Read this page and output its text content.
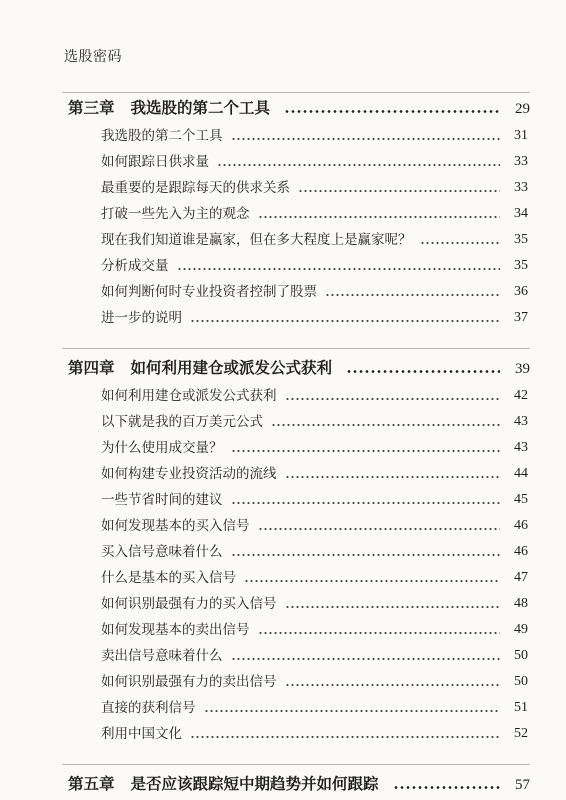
选股密码
第三章 我选股的第二个工具	29
我选股的第二个工具	31
如何跟踪日供求量	33
最重要的是跟踪每天的供求关系	33
打破一些先入为主的观念	34
现在我们知道谁是赢家，但在多大程度上是赢家呢？	35
分析成交量	35
如何判断何时专业投资者控制了股票	36
进一步的说明	37
第四章 如何利用建仓或派发公式获利	39
如何利用建仓或派发公式获利	42
以下就是我的百万美元公式	43
为什么使用成交量？	43
如何构建专业投资活动的流线	44
一些节省时间的建议	45
如何发现基本的买入信号	46
买入信号意味着什么	46
什么是基本的买入信号	47
如何识别最强有力的买入信号	48
如何发现基本的卖出信号	49
卖出信号意味着什么	50
如何识别最强有力的卖出信号	50
直接的获利信号	51
利用中国文化	52
第五章 是否应该跟踪短中期趋势并如何跟踪	57
